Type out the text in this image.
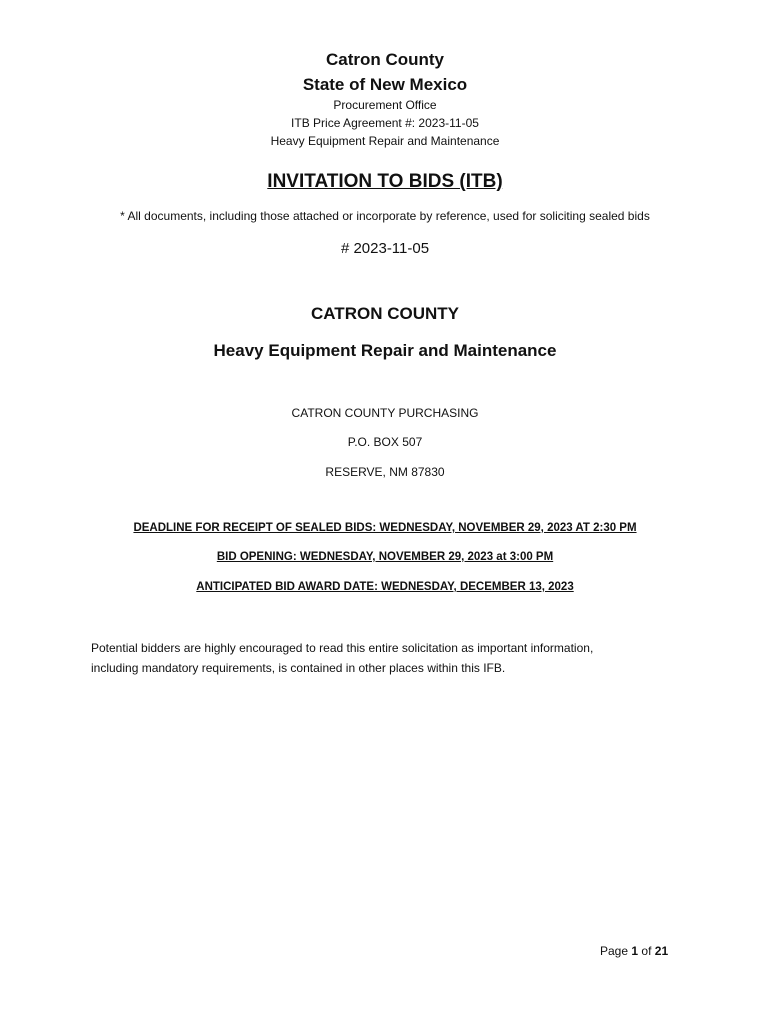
Catron County
State of New Mexico
Procurement Office
ITB Price Agreement #: 2023-11-05
Heavy Equipment Repair and Maintenance
INVITATION TO BIDS (ITB)
* All documents, including those attached or incorporate by reference, used for soliciting sealed bids
# 2023-11-05
CATRON COUNTY
Heavy Equipment Repair and Maintenance
CATRON COUNTY PURCHASING
P.O. BOX 507
RESERVE, NM 87830
DEADLINE FOR RECEIPT OF SEALED BIDS: WEDNESDAY, NOVEMBER 29, 2023 AT 2:30 PM
BID OPENING: WEDNESDAY, NOVEMBER 29, 2023 at 3:00 PM
ANTICIPATED BID AWARD DATE: WEDNESDAY, DECEMBER 13, 2023
Potential bidders are highly encouraged to read this entire solicitation as important information,
including mandatory requirements, is contained in other places within this IFB.
Page 1 of 21
